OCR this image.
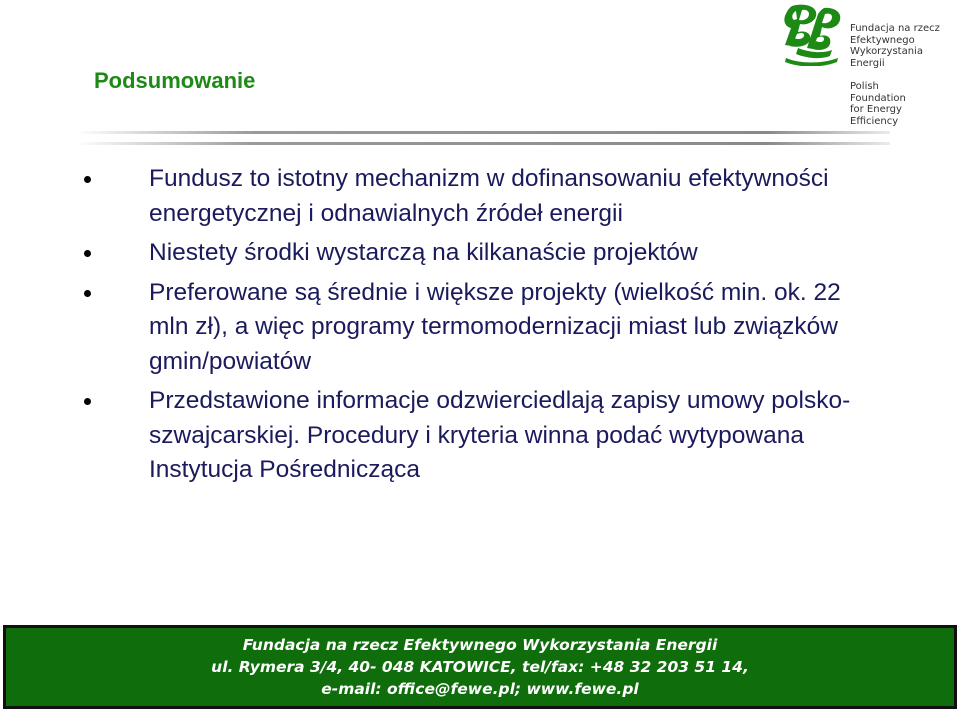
Podsumowanie
Fundacja na rzecz
Efektywnego
Wykorzystania
Energii
Polish
Foundation
for Energy
Efficiency
Fundusz to istotny mechanizm w dofinansowaniu efektywności energetycznej i odnawialnych źródeł energii
Niestety środki wystarczą na kilkanaście projektów
Preferowane są średnie i większe projekty (wielkość min. ok. 22 mln zł), a więc programy termomodernizacji miast lub związków gmin/powiatów
Przedstawione informacje odzwierciedlają zapisy umowy polsko-szwajcarskiej. Procedury i kryteria winna podać wytypowana Instytucja Pośrednicząca
Fundacja na rzecz Efektywnego Wykorzystania Energii
ul. Rymera 3/4, 40- 048 KATOWICE, tel/fax: +48 32 203 51 14,
e-mail: office@fewe.pl; www.fewe.pl
